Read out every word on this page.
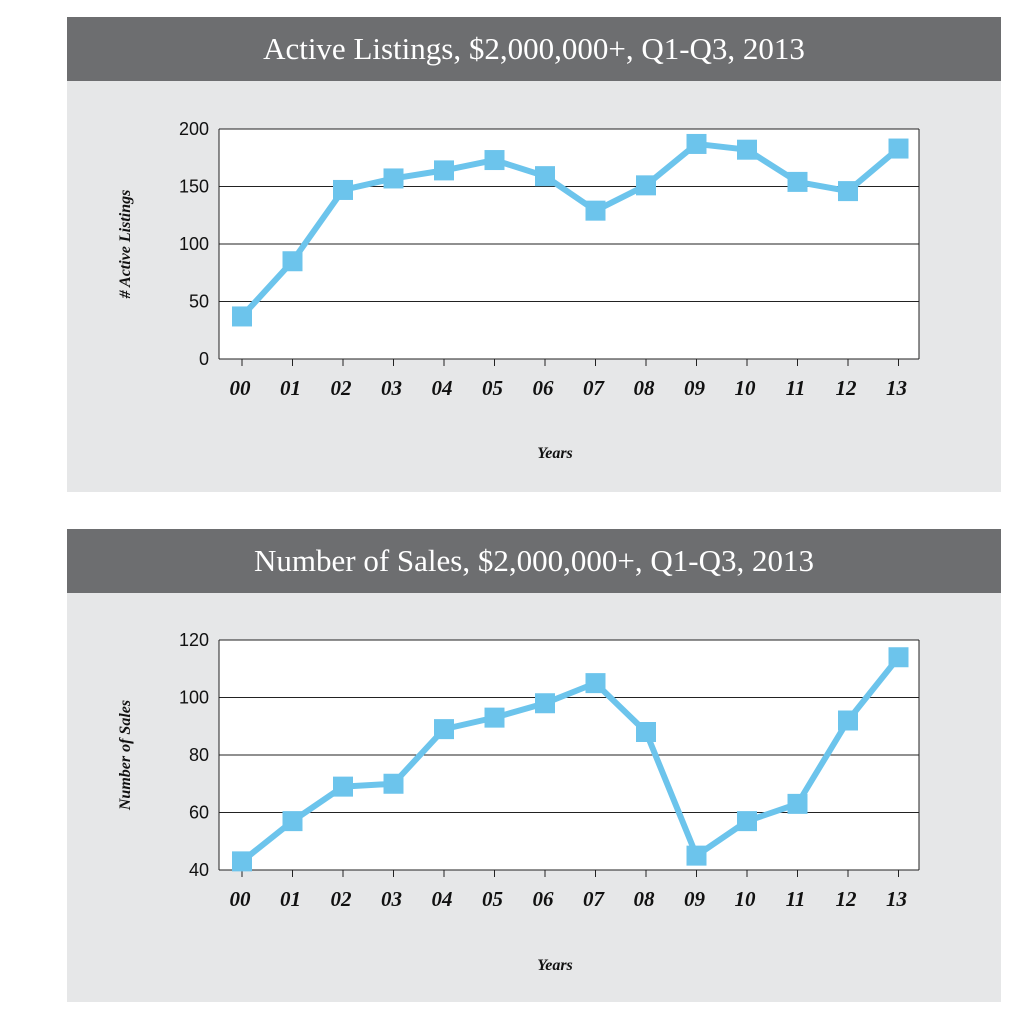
Active Listings, $2,000,000+, Q1-Q3, 2013
0
50
100
150
200
00 01 02 03 04 05 06 07 08 09 10 11 12 13
Years
# Active Listings
Number of Sales, $2,000,000+, Q1-Q3, 2013
40
60
80
100
120
00 01 02 03 04 05 06 07 08 09 10 11 12 13
Years
Number of Sales
